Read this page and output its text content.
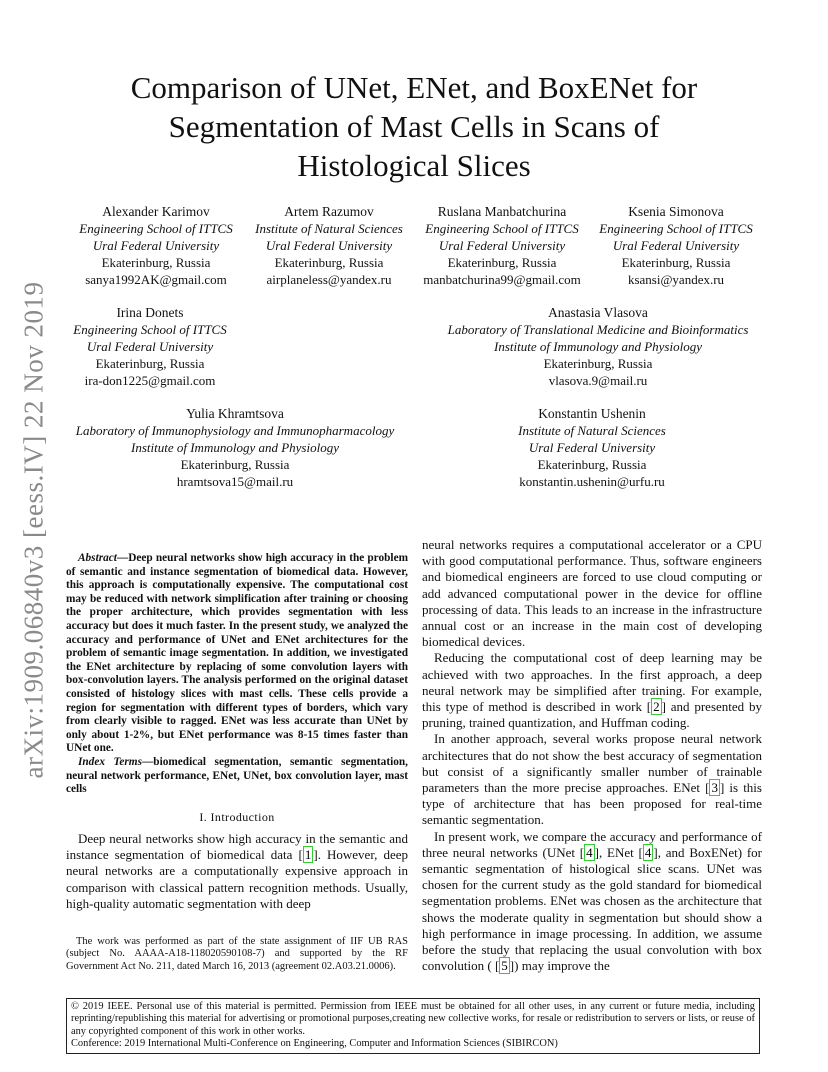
arXiv:1909.06840v3 [eess.IV] 22 Nov 2019
Comparison of UNet, ENet, and BoxENet for
Segmentation of Mast Cells in Scans of
Histological Slices
Alexander Karimov
Engineering School of ITTCS
Ural Federal University
Ekaterinburg, Russia
sanya1992AK@gmail.com
Artem Razumov
Institute of Natural Sciences
Ural Federal University
Ekaterinburg, Russia
airplaneless@yandex.ru
Ruslana Manbatchurina
Engineering School of ITTCS
Ural Federal University
Ekaterinburg, Russia
manbatchurina99@gmail.com
Ksenia Simonova
Engineering School of ITTCS
Ural Federal University
Ekaterinburg, Russia
ksansi@yandex.ru
Irina Donets
Engineering School of ITTCS
Ural Federal University
Ekaterinburg, Russia
ira-don1225@gmail.com
Anastasia Vlasova
Laboratory of Translational Medicine and Bioinformatics
Institute of Immunology and Physiology
Ekaterinburg, Russia
vlasova.9@mail.ru
Yulia Khramtsova
Laboratory of Immunophysiology and Immunopharmacology
Institute of Immunology and Physiology
Ekaterinburg, Russia
hramtsova15@mail.ru
Konstantin Ushenin
Institute of Natural Sciences
Ural Federal University
Ekaterinburg, Russia
konstantin.ushenin@urfu.ru

Abstract—Deep neural networks show high accuracy in the problem of semantic and instance segmentation of biomedical data. However, this approach is computationally expensive. The computational cost may be reduced with network simplification after training or choosing the proper architecture, which provides segmentation with less accuracy but does it much faster. In the present study, we analyzed the accuracy and performance of UNet and ENet architectures for the problem of semantic image segmentation. In addition, we investigated the ENet architecture by replacing of some convolution layers with box-convolution layers. The analysis performed on the original dataset consisted of histology slices with mast cells. These cells provide a region for segmentation with different types of borders, which vary from clearly visible to ragged. ENet was less accurate than UNet by only about 1-2%, but ENet performance was 8-15 times faster than UNet one.

Index Terms—biomedical segmentation, semantic segmentation, neural network performance, ENet, UNet, box convolution layer, mast cells

I. Introduction

Deep neural networks show high accuracy in the semantic and instance segmentation of biomedical data [ 1 ]. However, deep neural networks are a computationally expensive approach in comparison with classical pattern recognition methods. Usually, high-quality automatic segmentation with deep

The work was performed as part of the state assignment of IIF UB RAS (subject No. AAAA-A18-118020590108-7) and supported by the RF Government Act No. 211, dated March 16, 2013 (agreement 02.A03.21.0006).

neural networks requires a computational accelerator or a CPU with good computational performance. Thus, software engineers and biomedical engineers are forced to use cloud computing or add advanced computational power in the device for offline processing of data. This leads to an increase in the infrastructure annual cost or an increase in the main cost of developing biomedical devices.

Reducing the computational cost of deep learning may be achieved with two approaches. In the first approach, a deep neural network may be simplified after training. For example, this type of method is described in work [ 2 ] and presented by pruning, trained quantization, and Huffman coding.

In another approach, several works propose neural network architectures that do not show the best accuracy of segmentation but consist of a significantly smaller number of trainable parameters than the more precise approaches. ENet [ 3 ] is this type of architecture that has been proposed for real-time semantic segmentation.

In present work, we compare the accuracy and performance of three neural networks (UNet [ 4 ], ENet [ 4 ], and BoxENet) for semantic segmentation of histological slice scans. UNet was chosen for the current study as the gold standard for biomedical segmentation problems. ENet was chosen as the architecture that shows the moderate quality in segmentation but should show a high performance in image processing. In addition, we assume before the study that replacing the usual convolution with box convolution ( [ 5 ]) may improve the

© 2019 IEEE. Personal use of this material is permitted. Permission from IEEE must be obtained for all other uses, in any current or future media, including reprinting/republishing this material for advertising or promotional purposes,creating new collective works, for resale or redistribution to servers or lists, or reuse of any copyrighted component of this work in other works.

Conference: 2019 International Multi-Conference on Engineering, Computer and Information Sciences (SIBIRCON)
